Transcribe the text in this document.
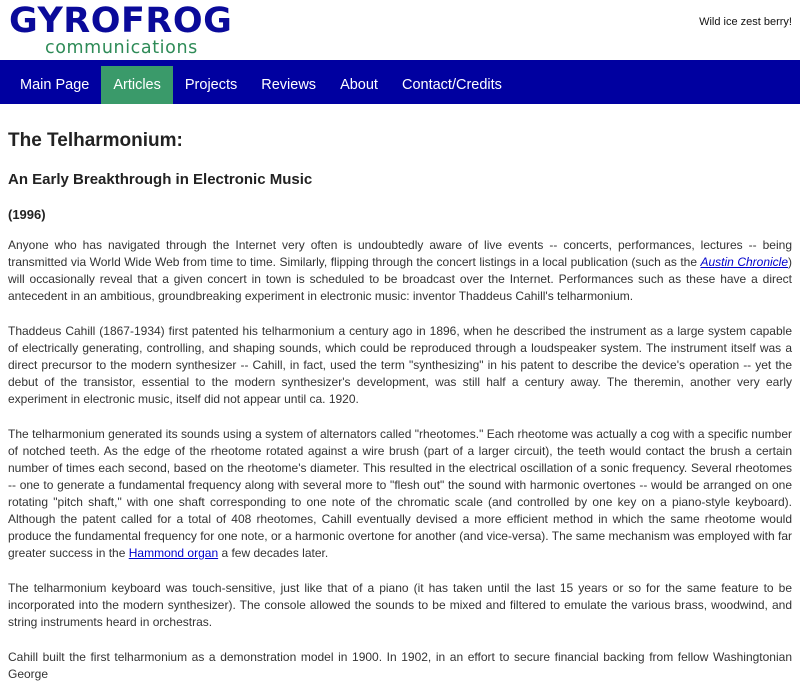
GYROFROG
communications
Wild ice zest berry!
Main Page	Articles	Projects	Reviews	About	Contact/Credits
The Telharmonium:
An Early Breakthrough in Electronic Music
(1996)

Anyone who has navigated through the Internet very often is undoubtedly aware of live events -- concerts, performances, lectures -- being transmitted via World Wide Web from time to time. Similarly, flipping through the concert listings in a local publication (such as the Austin Chronicle) will occasionally reveal that a given concert in town is scheduled to be broadcast over the Internet. Performances such as these have a direct antecedent in an ambitious, groundbreaking experiment in electronic music: inventor Thaddeus Cahill's telharmonium.

Thaddeus Cahill (1867-1934) first patented his telharmonium a century ago in 1896, when he described the instrument as a large system capable of electrically generating, controlling, and shaping sounds, which could be reproduced through a loudspeaker system. The instrument itself was a direct precursor to the modern synthesizer -- Cahill, in fact, used the term "synthesizing" in his patent to describe the device's operation -- yet the debut of the transistor, essential to the modern synthesizer's development, was still half a century away. The theremin, another very early experiment in electronic music, itself did not appear until ca. 1920.

The telharmonium generated its sounds using a system of alternators called "rheotomes." Each rheotome was actually a cog with a specific number of notched teeth. As the edge of the rheotome rotated against a wire brush (part of a larger circuit), the teeth would contact the brush a certain number of times each second, based on the rheotome's diameter. This resulted in the electrical oscillation of a sonic frequency. Several rheotomes -- one to generate a fundamental frequency along with several more to "flesh out" the sound with harmonic overtones -- would be arranged on one rotating "pitch shaft," with one shaft corresponding to one note of the chromatic scale (and controlled by one key on a piano-style keyboard). Although the patent called for a total of 408 rheotomes, Cahill eventually devised a more efficient method in which the same rheotome would produce the fundamental frequency for one note, or a harmonic overtone for another (and vice-versa). The same mechanism was employed with far greater success in the Hammond organ a few decades later.

The telharmonium keyboard was touch-sensitive, just like that of a piano (it has taken until the last 15 years or so for the same feature to be incorporated into the modern synthesizer). The console allowed the sounds to be mixed and filtered to emulate the various brass, woodwind, and string instruments heard in orchestras.

Cahill built the first telharmonium as a demonstration model in 1900. In 1902, in an effort to secure financial backing from fellow Washingtonian George
